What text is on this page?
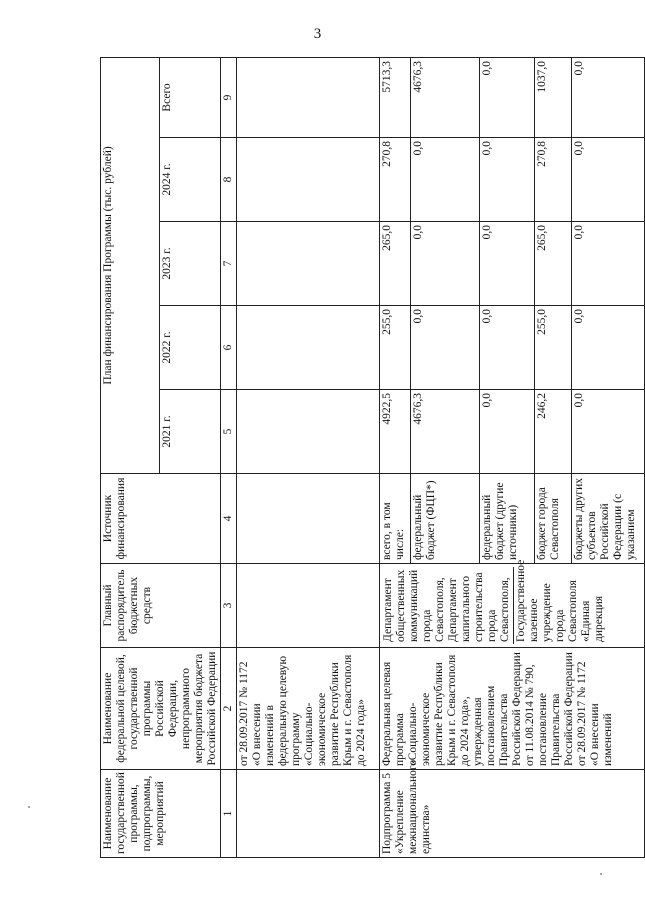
3
Наименование государственной программы, подпрограммы, мероприятий	Наименование федеральной целевой, государственной программы Российской Федерации, непрограммного мероприятия бюджета Российской Федерации	Главный распорядитель бюджетных средств	Источник финансирования	План финансирования Программы (тыс. рублей)				
				2021 г.	2022 г.	2023 г.	2024 г.	Всего
1	2	3	4	5	6	7	8	9
	от 28.09.2017 № 1172 «О внесении изменений в федеральную целевую программу «Социально-экономическое развитие Республики Крым и г. Севастополя до 2024 года»							
Подпрограмма 5 «Укрепление межнационального единства»	Федеральная целевая программа «Социально-экономическое развитие Республики Крым и г. Севастополя до 2024 года», утвержденная постановлением Правительства Российской Федерации от 11.08.2014 № 790, постановление Правительства Российской Федерации от 28.09.2017 № 1172 «О внесении изменений	Департамент общественных коммуникаций города Севастополя, Департамент капитального строительства города Севастополя, Государственное казенное учреждение города Севастополя «Единая дирекция	всего, в том числе:	4922,5	255,0	265,0	270,8	5713,3
			федеральный бюджет (ФЦП*)	4676,3	0,0	0,0	0,0	4676,3
			федеральный бюджет (другие источники)	0,0	0,0	0,0	0,0	0,0
			бюджет города Севастополя	246,2	255,0	265,0	270,8	1037,0
			бюджеты других субъектов Российской Федерации (с указанием	0,0	0,0	0,0	0,0	0,0
